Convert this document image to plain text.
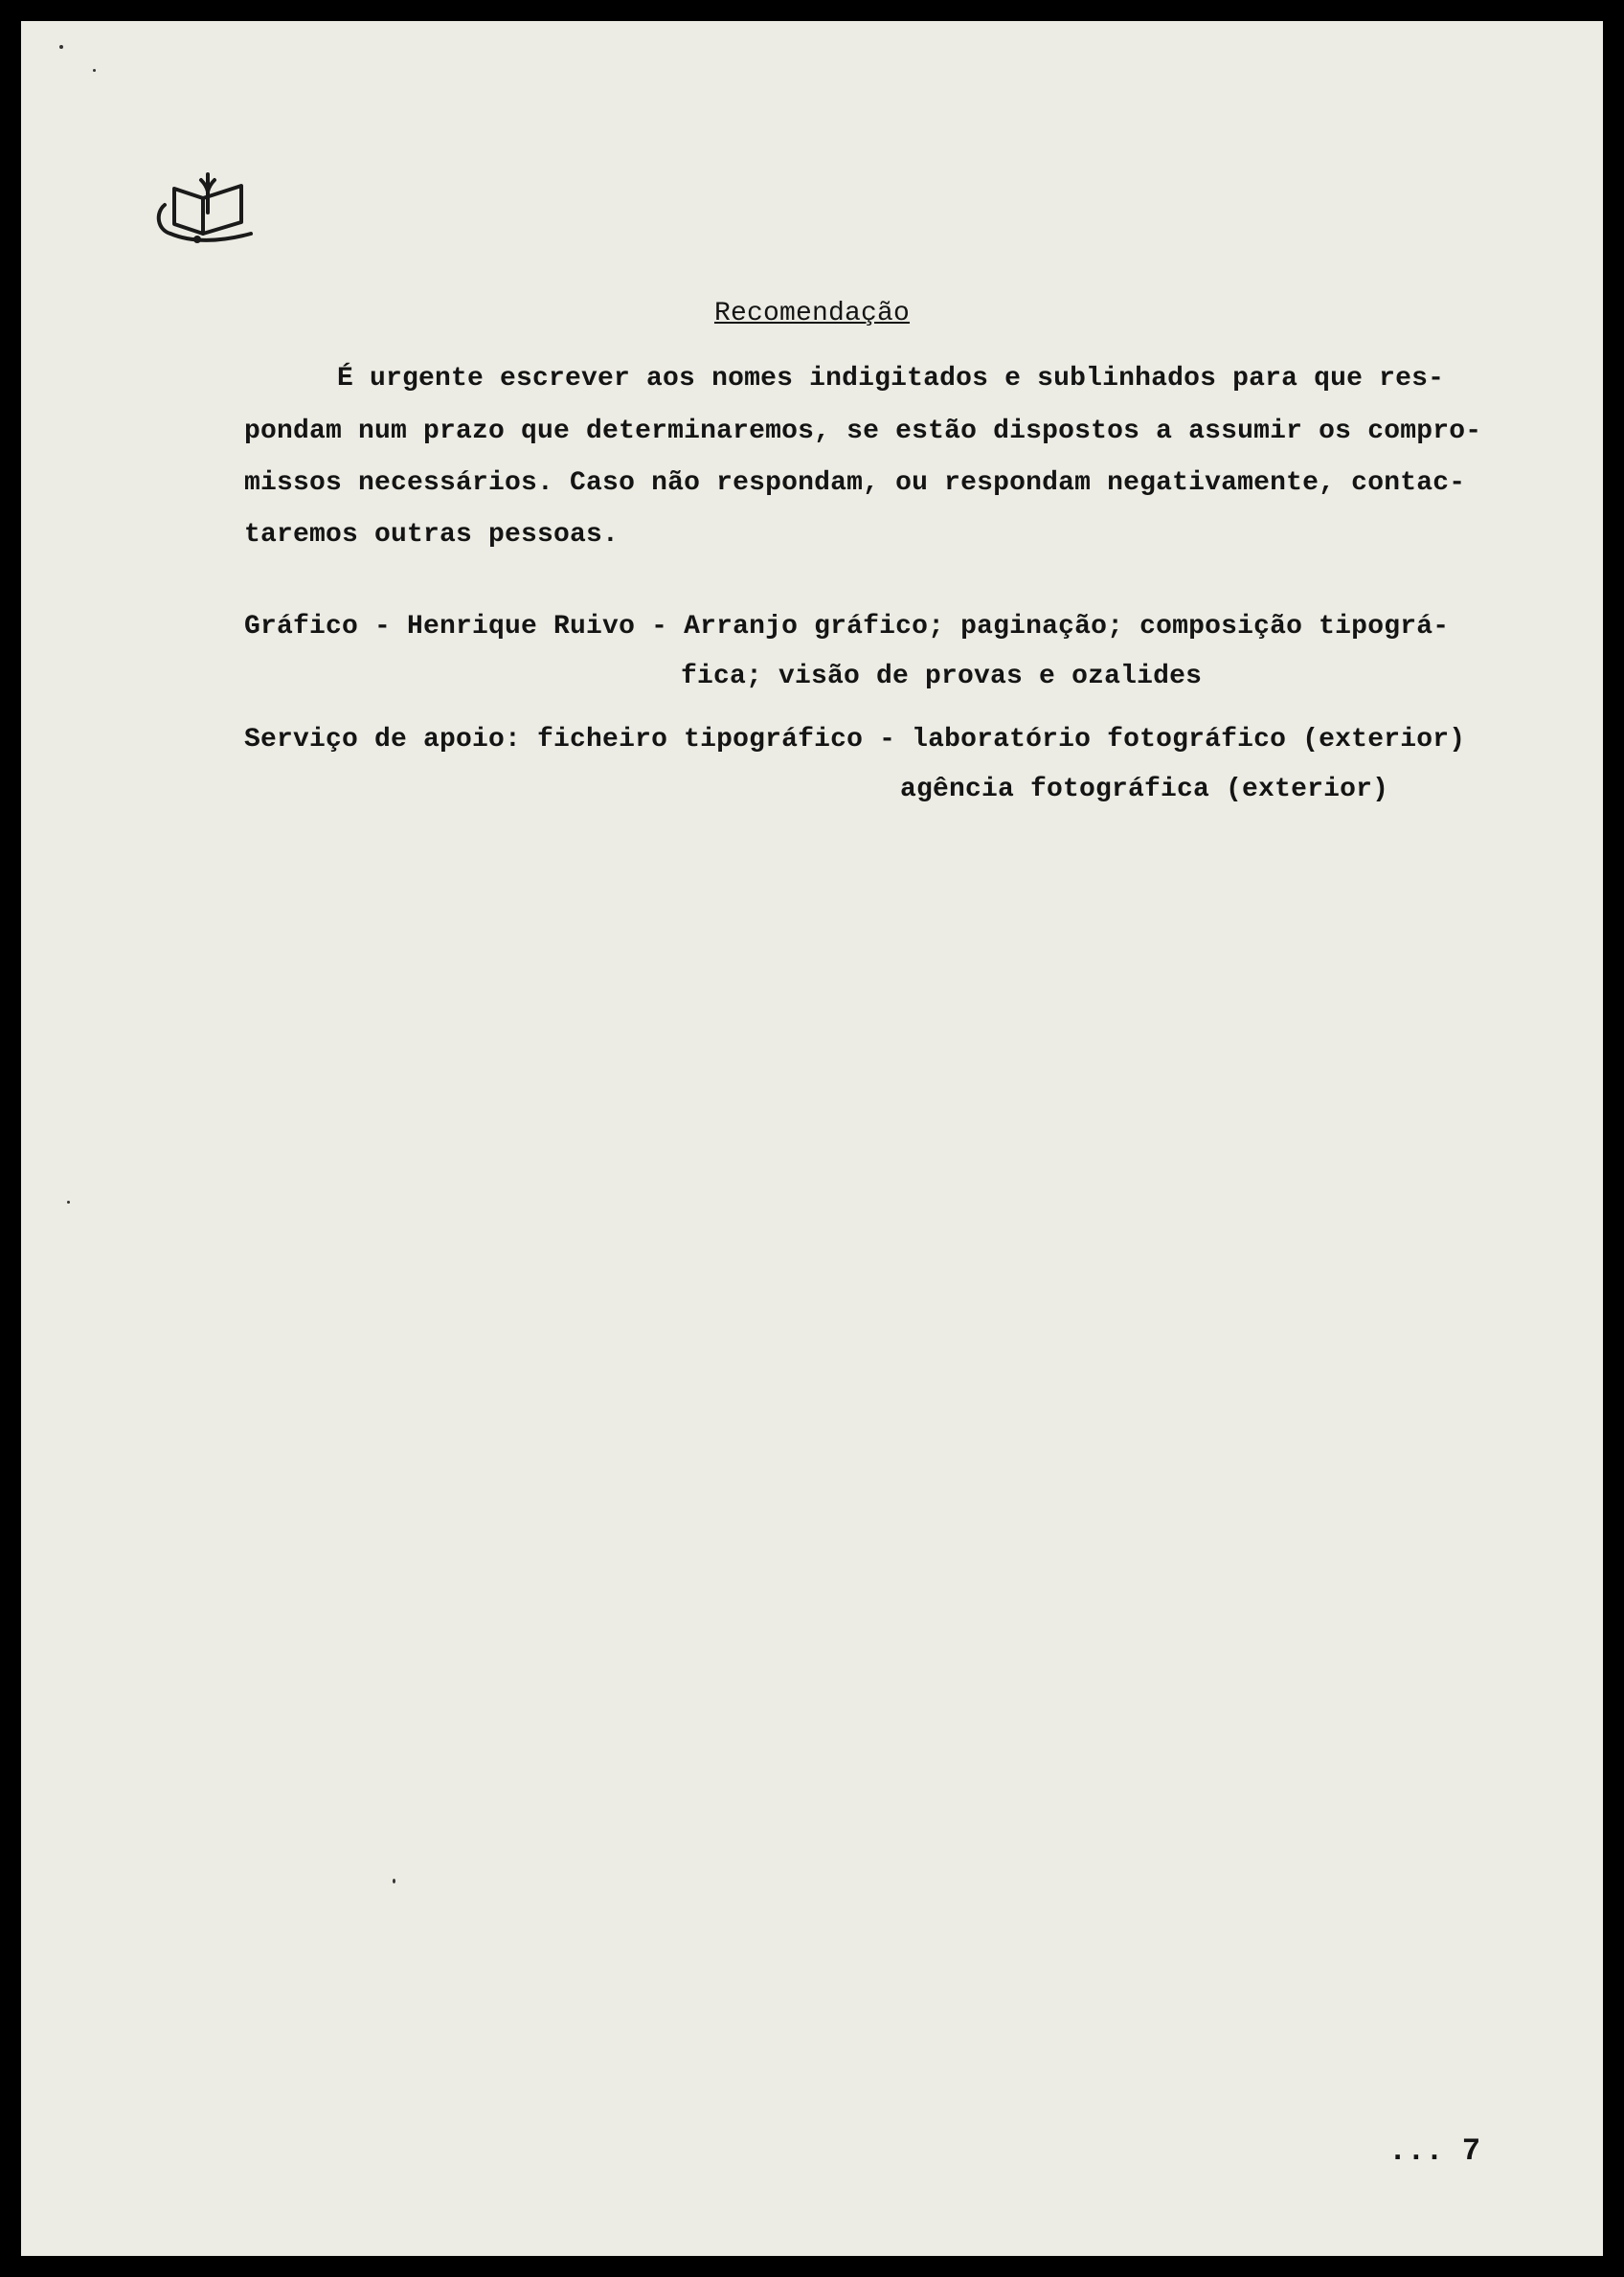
Recomendação
É urgente escrever aos nomes indigitados e sublinhados para que res-
pondam num prazo que determinaremos, se estão dispostos a assumir os compro-
missos necessários. Caso não respondam, ou respondam negativamente, contac-
taremos outras pessoas.
Gráfico - Henrique Ruivo - Arranjo gráfico; paginação; composição tipográ-
fica; visão de provas e ozalides
Serviço de apoio: ficheiro tipográfico - laboratório fotográfico (exterior)
agência fotográfica (exterior)
... 7
